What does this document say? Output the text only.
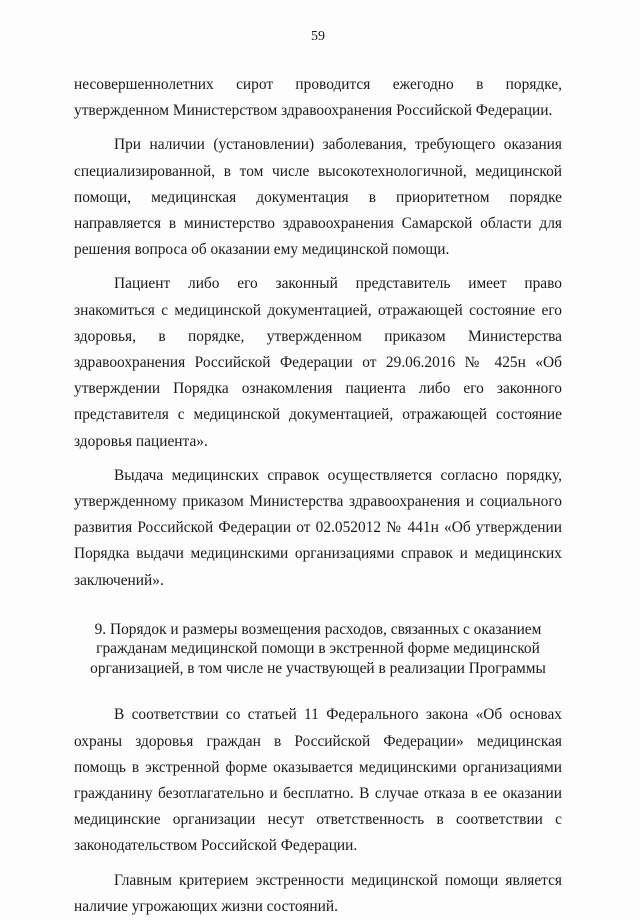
59

несовершеннолетних сирот проводится ежегодно в порядке, утвержденном Министерством здравоохранения Российской Федерации.

При наличии (установлении) заболевания, требующего оказания специализированной, в том числе высокотехнологичной, медицинской помощи, медицинская документация в приоритетном порядке направляется в министерство здравоохранения Самарской области для решения вопроса об оказании ему медицинской помощи.

Пациент либо его законный представитель имеет право знакомиться с медицинской документацией, отражающей состояние его здоровья, в порядке, утвержденном приказом Министерства здравоохранения Российской Федерации от 29.06.2016 № 425н «Об утверждении Порядка ознакомления пациента либо его законного представителя с медицинской документацией, отражающей состояние здоровья пациента».

Выдача медицинских справок осуществляется согласно порядку, утвержденному приказом Министерства здравоохранения и социального развития Российской Федерации от 02.052012 № 441н «Об утверждении Порядка выдачи медицинскими организациями справок и медицинских заключений».

9. Порядок и размеры возмещения расходов, связанных с оказанием
гражданам медицинской помощи в экстренной форме медицинской
организацией, в том числе не участвующей в реализации Программы

В соответствии со статьей 11 Федерального закона «Об основах охраны здоровья граждан в Российской Федерации» медицинская помощь в экстренной форме оказывается медицинскими организациями гражданину безотлагательно и бесплатно. В случае отказа в ее оказании медицинские организации несут ответственность в соответствии с законодательством Российской Федерации.

Главным критерием экстренности медицинской помощи является наличие угрожающих жизни состояний.
